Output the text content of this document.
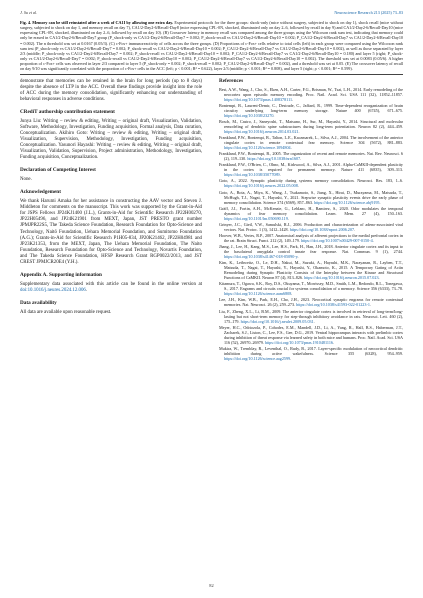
J. Su et al.	Neuroscience Research 213 (2025) 73–83
Fig. 4. Memory can be still reinstated after a week of CA1I by allowing one extra day. Experimental protocols for the three groups: shock-only (mice without surgery, subjected to shock on day 1), shock recall (mice without surgery, subjected to shock on day 1, and memory recall on day 7), CA1/2-Day2-6/Recall-Day8 (mice expressing CPL-0N, shocked, illuminated only on day 2–6, followed by recall in day 9) and CA1/2-Day2-6/Recall-Day10 (mice expressing CPL-0N, shocked, illuminated on day 2–6, followed by recall on day 10). (B) Crossover latency in memory recall was compared among the three groups using the Wilcoxon rank sum test, indicating that memory could only be erased in CA1/2-Day2-6/Recall-Day7 group (P_shock-only vs CA1/2-Day2-6/Recall-Day7 = 0.002; P_shock-recall vs CA1/2-Day2-6/Recall-Day10 = 0.002; P_CA1/2-Day2-6/Recall-Day7 vs CA1/2-Day2-6/Recall-Day10 = 0.002). The n threshold was set at 0.0167 (0.05/3). (C) c-Fos+ immunoreactivity of cells across the three groups. (D) Proportions of c-Fos+ cells relative to total cells (left) in each group were compared using the Wilcoxon rank sum test (P_shock-only vs CA1/2-Day2-6/Recall-Day7 = 0.002; P_shock-recall vs CA1/2-Day2-6/Recall-Day10 = 0.002; P_CA1/2-Day2-6/Recall-Day7 vs CA1/2-Day2-6/Recall-Day10 = 0.002), as well as those separated by layer 2/3 (middle; P_shock-only vs CA1/2-Day2-6/Recall-Day7 = 0.002; P_shock-recall vs CA1/2-Day2-6/Recall-Day10 = 0.002; P_CA1/2-Day2-6/Recall-Day7 vs CA1/2-Day2-6/Recall-Day10 = 0.180) and layer 5 (right; P_shock-only vs CA1/2-Day2-6/Recall-Day7 = 0.002; P_shock-recall vs CA1/2-Day2-6/Recall-Day10 = 0.002; P_CA1/2-Day2-6/Recall-Day7 vs CA1/2-Day2-6/Recall-Day10 = 0.002). The threshold was set at 0.0083 (0.05/6). A higher proportion of c-Fos+ cells was observed in layer 2/3 compared to layer 5 (P_shock-only = 0.002; P_shock-recall = 0.002; P_CA1/2-Day2-6/Recall-Day7 = 0.002), and a threshold was set at 0.05. (E) The crossover latency of recall on day 9/10 was significantly correlated with the proportion of c-Fos+ cells in the ACC (left; ρ < 0.001; R² = 0.622), layer 2/3 (middle; p < 0.001; R² = 0.808), and layer 5 (right; ρ < 0.001; R² = 0.599).

demonstrate that memories can be retained in the brain for long periods (up to 8 days) despite the absence of LTP in the ACC. Overall these findings provide insight into the role of ACC during the memory consolidation, significantly enhancing our understanding of behavioral responses in adverse conditions.

CRediT authorship contribution statement

Junya Liu: Writing – review & editing, Writing – original draft, Visualization, Validation, Software, Methodology, Investigation, Funding acquisition, Formal analysis, Data curation, Conceptualization. Akihiro Goto: Writing – review & editing, Writing – original draft, Visualization, Supervision, Methodology, Investigation, Funding acquisition, Conceptualization. Yasunori Hayashi: Writing – review & editing, Writing – original draft, Visualization, Validation, Supervision, Project administration, Methodology, Investigation, Funding acquisition, Conceptualization.

Declaration of Competing Interest

None.

Acknowledgement

We thank Harumi Amaka for her assistance in constructing the AAV vector and Steven J. Middleton for comments on the manuscript. This work was supported by the Grant-in-Aid for JSPS Fellows JP24KJ1400 (J.L.), Grants-in-Aid for Scientific Research JP22H00270, JP22H05496, and JP24K21901 from MEXT, Japan, JST PRESTO grant number JPMJPR22S5, The Takeda Science Foundation, Research Foundation for Opto-Science and Technology, Naitō Foundation, Uehara Memorial Foundation, and Sumitomo Foundation (A.G.); Grants-in-Aid for Scientific Research P1H05-834, JP20K21462, JP22H04981 and JP23K21353, from the MEXT, Japan, The Uehara Memorial Foundation, The Naito Foundation, Research Foundation for Opto-Science and Technology, Novartis Foundation, and The Takeda Science Foundation, HFSP Research Grant RGP0022/2013, and JST CREST JPMJCR20E4 (Y.H.).

Appendix A. Supporting information

Supplementary data associated with this article can be found in the online version at doi:10.1016/j.neures.2024.12.006.

Data availability

All data are available upon reasonable request.

References

Best, A.W., Wang, J., Cho, S., Eken, A.H., Carter, F.G., Brisman, W., Tsai, L.H., 2014. Early remodeling of the neocortex upon episodic memory encoding. Proc. Natl. Acad. Sci. USA 111 (32), 11852–11857. https://doi.org/10.1073/pnas.1408378111.

Bontempi, B., Laurent-Demir, C., Destrade, C., Jaffard, R., 1999. Time-dependent reorganization of brain circuitry underlying long-term memory storage. Nature 400 (6745), 671–675. https://doi.org/10.1038/23270.

Bosch, M., Castro, J., Saneyoshi, T., Matsuno, H., Sur, M., Hayashi, Y., 2014. Structural and molecular remodeling of dendritic spine substructures during long-term potentiation. Neuron 82 (2), 444–459. https://doi.org/10.1016/j.neuron.2014.03.021.

Frankland, P.W., Bontempi, B., Talton, L.E., Kaczmarek, L., Silva, A.J., 2004. The involvement of the anterior cingulate cortex in remote contextual fear memory. Science 304 (5672), 881–883. https://doi.org/10.1126/science.1094804.

Frankland, P.W., Bontempi, B., 2005. The organization of recent and remote memories. Nat. Rev. Neurosci. 6 (2), 119–130. https://doi.org/10.1038/nrn1607.

Frankland, P.W., O'Brien, C., Ohno, M., Kirkwood, A., Silva, A.J., 2001. Alpha-CaMKII-dependent plasticity in the cortex is required for permanent memory. Nature 411 (6835), 309–313. https://doi.org/10.1038/35077089.

Goto, A., 2022. Synaptic plasticity during systems memory consolidation. Neurosci. Res. 183, 1–6. https://doi.org/10.1016/j.neures.2022.05.008.

Goto, A., Bota, A., Miya, K., Wang, J., Tsukamoto, S., Jiang, X., Hirai, D., Murayama, M., Matsuda, T., McHugh, T.J., Nagai, T., Hayashi, Y., 2021. Stepwise synaptic plasticity events drive the early phase of memory consolidation. Science 374 (6569), 857–863. https://doi.org/10.1126/science.abj9195.

Gräff, J.J., Fortin, A.H., McKenzie, G., Leblanc, H., Ramirez, S., 2020. Odor modulates the temporal dynamics of fear memory consolidation. Learn. Mem. 27 (4), 150–163. https://doi.org/10.1101/lm.050690.119.

Grinyer, J.C., Gieil, V.W., Samulski, R.J., 2006. Production and characterization of adeno-associated viral vectors. Nat. Protoc. 1 (3), 1412–1428. https://doi.org/10.1038/nprot.2006.207.

Hoover, W.B., Vertes, R.P., 2007. Anatomical analysis of afferent projections to the medial prefrontal cortex in the rat. Brain Struct. Funct. 212 (2), 149–179. https://doi.org/10.1007/s00429-007-0150-4.

Jhang, J., Lee, H., Kang, M.S., Lee, H.S., Park, H., Han, J.H., 2018. Anterior cingulate cortex and its input to the basolateral amygdala control innate fear response. Nat. Commun. 9 (1), 2744. https://doi.org/10.1038/s41467-018-05090-y.

Kim, K., Leibweitz, O., Le, D.H., Nakui, M., Suzuki, A., Hayashi, M.K., Narayanan, R., Layben, T.T., Matsuda, T., Nagai, T., Hayashi, Y., Hayashi, Y., Okamoto, K., 2015. A Temporary Gating of Actin Remodeling during Synaptic Plasticity Consists of the Interplay between the Kinase and Structural Functions of CaMKII. Neuron 87 (4), 813–826. https://doi.org/10.1016/j.neuron.2015.07.023.

Kitamura, T., Ogawa, S.K., Roy, D.S., Okuyama, T., Morrissey, M.D., Smith, L.M., Redondo, R.L., Tonegawa, S., 2017. Engrams and circuits crucial for systems consolidation of a memory. Science 356 (6333), 73–78. https://doi.org/10.1126/science.aam6808.

Lee, J.H., Kim, W.B., Park, E.H., Cho, J.H., 2023. Neocortical synaptic engrams for remote contextual memories. Nat. Neurosci. 26 (2), 259–273. https://doi.org/10.1038/s41593-022-01223-1.

Liu, F., Zheng, X.L., Li, B.M., 2009. The anterior cingulate cortex is involved in retrieval of long-term/long-lasting but not short-term memory for step-through inhibitory avoidance in rats. Neurosci. Lett. 460 (2), 175–179. https://doi.org/10.1016/j.neulet.2009.05.031.

Meyer, H.C., Odriozola, P., Cohodes, E.M., Mandell, J.D., Li, A., Yang, R., Hall, B.S., Haberman, J.T., Zacharek, S.J., Liston, C., Lee, F.S., Gee, D.G., 2019. Ventral hippocampus interacts with prelimbic cortex during inhibition of threat response via learned safety in both mice and humans. Proc. Natl. Acad. Sci. USA 116 (52), 26970–26979. https://doi.org/10.1073/pnas.1910481116.

Mukira, W., Tremblay, R., Leventhal, O., Rudy, B., 2017. Layer-specific modulation of neocortical dendritic inhibition during active wakefulness. Science 355 (6328), 954–959. https://doi.org/10.1126/science.aag2599.

82
